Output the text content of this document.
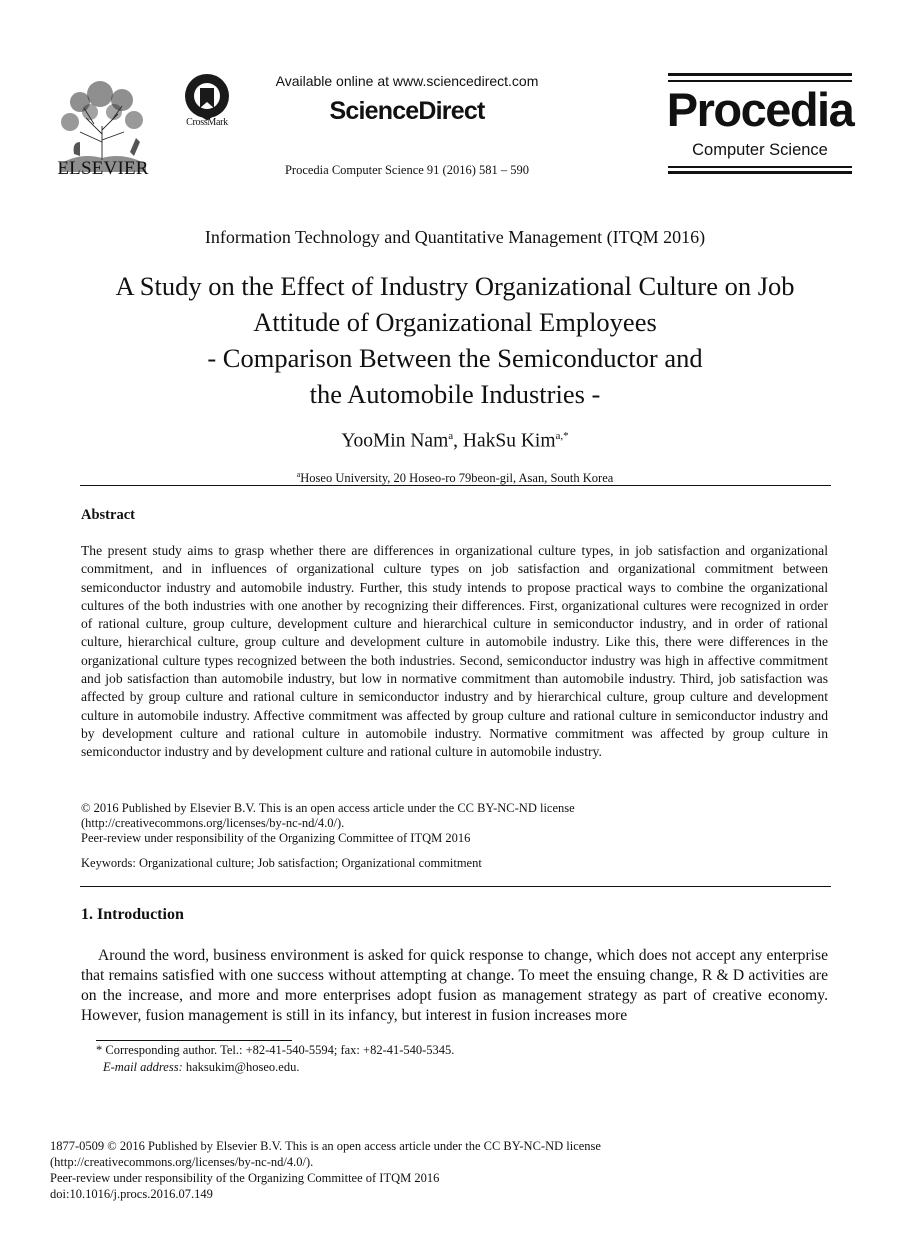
ELSEVIER
CrossMark
Available online at www.sciencedirect.com
ScienceDirect
Procedia Computer Science 91 (2016) 581 – 590
Procedia
Computer Science
Information Technology and Quantitative Management (ITQM 2016)
A Study on the Effect of Industry Organizational Culture on Job
Attitude of Organizational Employees
- Comparison Between the Semiconductor and
the Automobile Industries -
YooMin Nam$^a$, HakSu Kim$^{a,*}$
$^a$Hoseo University, 20 Hoseo-ro 79beon-gil, Asan, South Korea
Abstract
The present study aims to grasp whether there are differences in organizational culture types, in job satisfaction and organizational commitment, and in influences of organizational culture types on job satisfaction and organizational commitment between semiconductor industry and automobile industry. Further, this study intends to propose practical ways to combine the organizational cultures of the both industries with one another by recognizing their differences. First, organizational cultures were recognized in order of rational culture, group culture, development culture and hierarchical culture in semiconductor industry, and in order of rational culture, hierarchical culture, group culture and development culture in automobile industry. Like this, there were differences in the organizational culture types recognized between the both industries. Second, semiconductor industry was high in affective commitment and job satisfaction than automobile industry, but low in normative commitment than automobile industry. Third, job satisfaction was affected by group culture and rational culture in semiconductor industry and by hierarchical culture, group culture and development culture in automobile industry. Affective commitment was affected by group culture and rational culture in semiconductor industry and by development culture and rational culture in automobile industry. Normative commitment was affected by group culture in semiconductor industry and by development culture and rational culture in automobile industry.
© 2016 Published by Elsevier B.V. This is an open access article under the CC BY-NC-ND license
(http://creativecommons.org/licenses/by-nc-nd/4.0/).
Peer-review under responsibility of the Organizing Committee of ITQM 2016
Keywords: Organizational culture; Job satisfaction; Organizational commitment
1. Introduction
Around the word, business environment is asked for quick response to change, which does not accept any enterprise that remains satisfied with one success without attempting at change. To meet the ensuing change, R & D activities are on the increase, and more and more enterprises adopt fusion as management strategy as part of creative economy. However, fusion management is still in its infancy, but interest in fusion increases more
* Corresponding author. Tel.: +82-41-540-5594; fax: +82-41-540-5345.
E-mail address: haksukim@hoseo.edu.
1877-0509 © 2016 Published by Elsevier B.V. This is an open access article under the CC BY-NC-ND license
(http://creativecommons.org/licenses/by-nc-nd/4.0/).
Peer-review under responsibility of the Organizing Committee of ITQM 2016
doi:10.1016/j.procs.2016.07.149
